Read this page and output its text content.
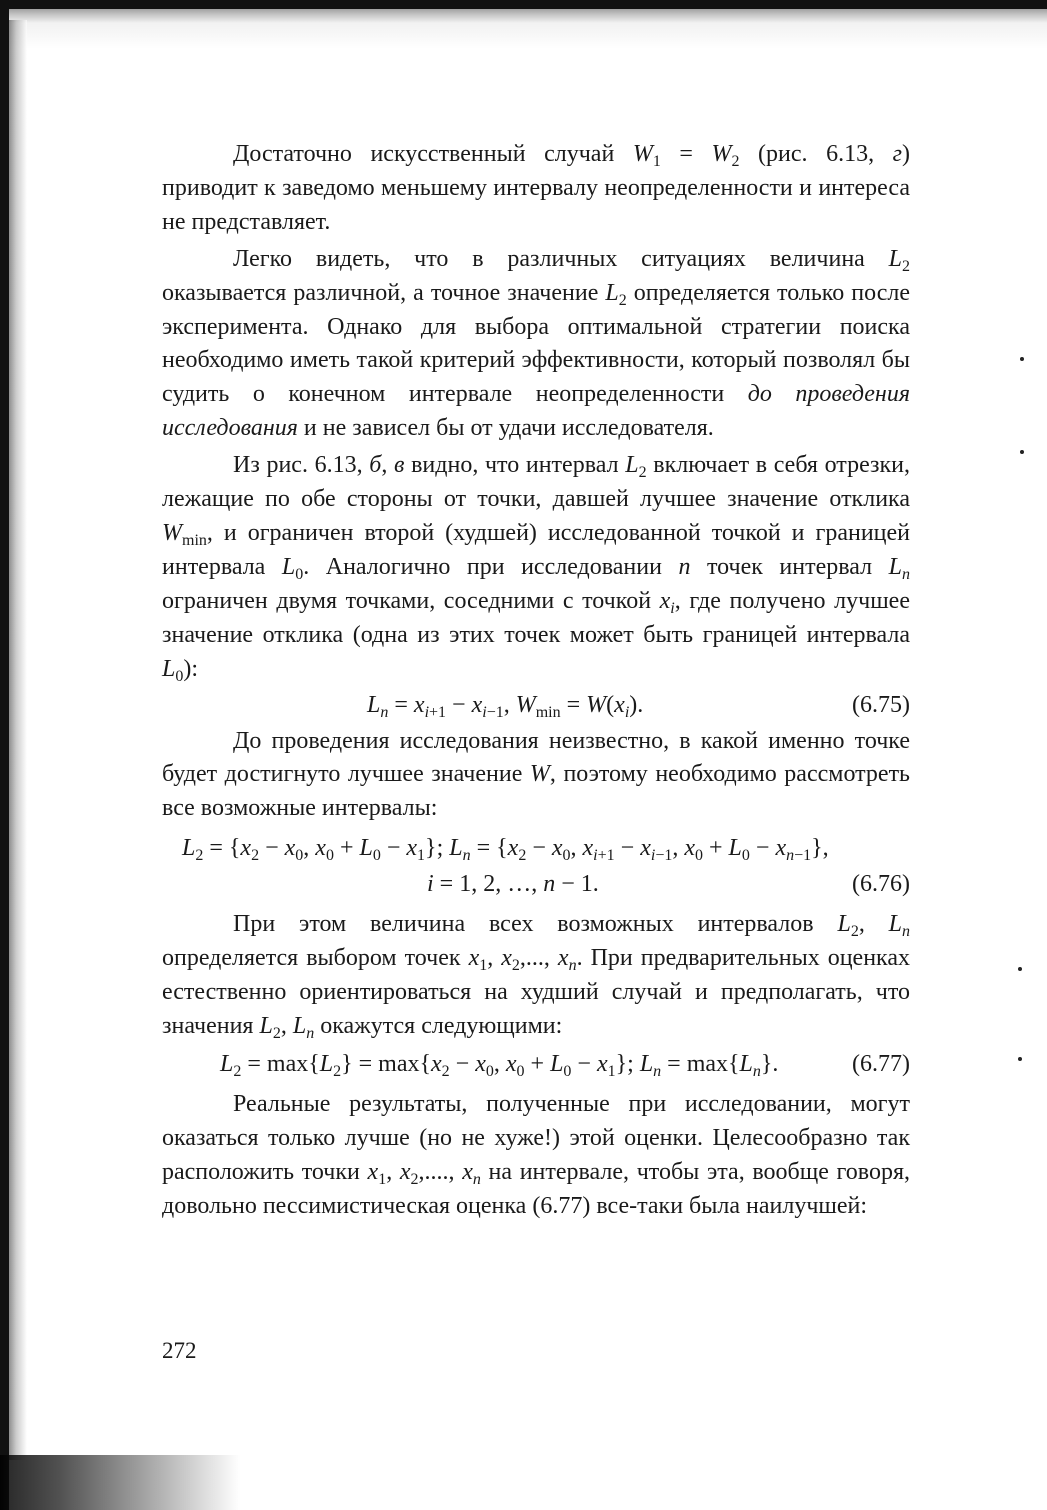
Достаточно искусственный случай $W_1 = W_2$ (рис. 6.13, г) приводит к заведомо меньшему интервалу неопределенности и интереса не представляет.

Легко видеть, что в различных ситуациях величина $L_2$ оказывается различной, а точное значение $L_2$ определяется только после эксперимента. Однако для выбора оптимальной стратегии поиска необходимо иметь такой критерий эффективности, который позволял бы судить о конечном интервале неопределенности до проведения исследования и не зависел бы от удачи исследователя.

Из рис. 6.13, б, в видно, что интервал $L_2$ включает в себя отрезки, лежащие по обе стороны от точки, давшей лучшее значение отклика $W_{min}$, и ограничен второй (худшей) исследованной точкой и границей интервала $L_0$. Аналогично при исследовании n точек интервал $L_n$ ограничен двумя точками, соседними с точкой $x_i$, где получено лучшее значение отклика (одна из этих точек может быть границей интервала $L_0$):

$L_n = x_{i+1} - x_{i-1}$, $W_{min} = W(x_i)$.	(6.75)

До проведения исследования неизвестно, в какой именно точке будет достигнуто лучшее значение W, поэтому необходимо рассмотреть все возможные интервалы:

$L_2 = \{x_2 - x_0$, $x_0 + L_0 - x_1$}; $L_n = \{x_2 - x_0$, $x_{i+1} - x_{i-1}$, $x_0 + L_0 - x_{n-1}$},
i = 1, 2, …, n − 1.	(6.76)

При этом величина всех возможных интервалов $L_2$, $L_n$ определяется выбором точек $x_1$, $x_2$,..., $x_n$. При предварительных оценках естественно ориентироваться на худший случай и предполагать, что значения $L_2$, $L_n$ окажутся следующими:

$L_2 = \max\{L_2\} = \max\{x_2 - x_0$, $x_0 + L_0 - x_1$}; $L_n = \max\{L_n\}$.	(6.77)

Реальные результаты, полученные при исследовании, могут оказаться только лучше (но не хуже!) этой оценки. Целесообразно так расположить точки $x_1$, $x_2$,...., $x_n$ на интервале, чтобы эта, вообще говоря, довольно пессимистическая оценка (6.77) все-таки была наилучшей:

272
